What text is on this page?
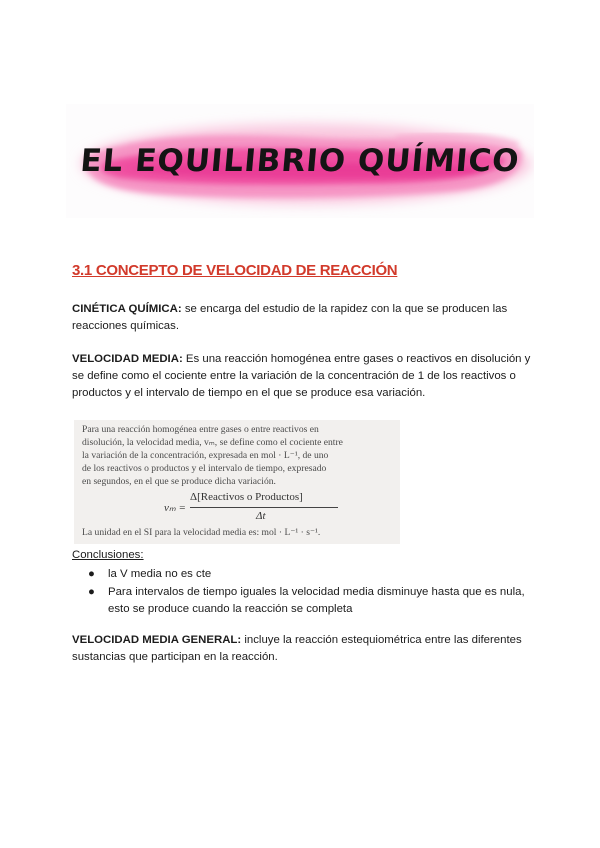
EL EQUILIBRIO QUÍMICO
3.1 CONCEPTO DE VELOCIDAD DE REACCIÓN
CINÉTICA QUÍMICA: se encarga del estudio de la rapidez con la que se producen las reacciones químicas.
VELOCIDAD MEDIA: Es una reacción homogénea entre gases o reactivos en disolución y se define como el cociente entre la variación de la concentración de 1 de los reactivos o productos y el intervalo de tiempo en el que se produce esa variación.
Para una reacción homogénea entre gases o entre reactivos en
disolución, la velocidad media, vₘ, se define como el cociente entre
la variación de la concentración, expresada en mol · L⁻¹, de uno
de los reactivos o productos y el intervalo de tiempo, expresado
en segundos, en el que se produce dicha variación.
vₘ =
Δ[Reactivos o Productos]
Δt
La unidad en el SI para la velocidad media es: mol · L⁻¹ · s⁻¹.
Conclusiones:
● la V media no es cte
● Para intervalos de tiempo iguales la velocidad media disminuye hasta que es nula, esto se produce cuando la reacción se completa
VELOCIDAD MEDIA GENERAL: incluye la reacción estequiométrica entre las diferentes sustancias que participan en la reacción.
